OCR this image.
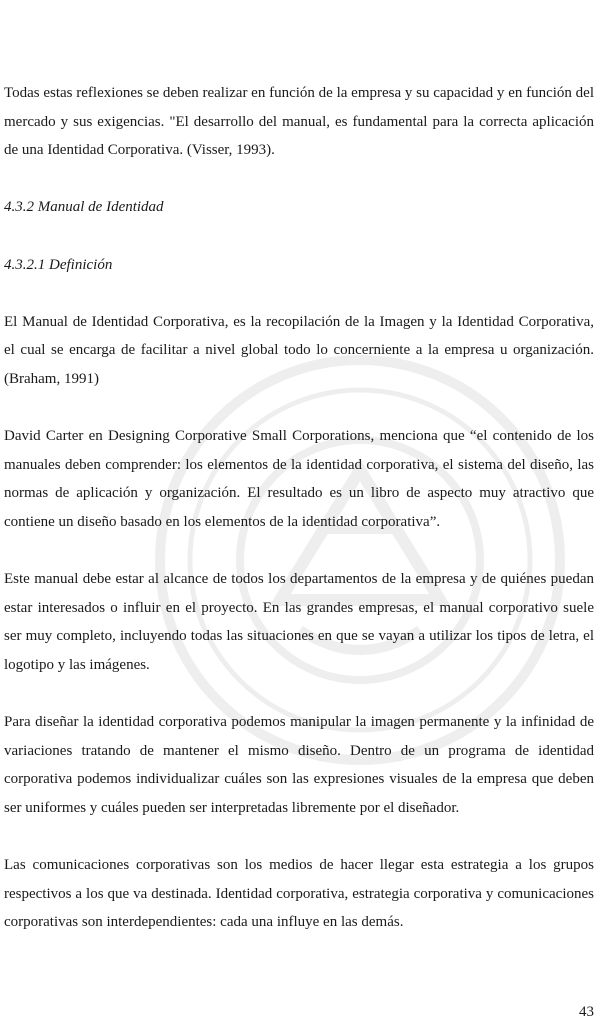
Todas estas reflexiones se deben realizar en función de la empresa y su capacidad y en función del mercado y sus exigencias. "El desarrollo del manual, es fundamental para la correcta aplicación de una Identidad Corporativa. (Visser, 1993).

4.3.2 Manual de Identidad

4.3.2.1 Definición

El Manual de Identidad Corporativa, es la recopilación de la Imagen y la Identidad Corporativa, el cual se encarga de facilitar a nivel global todo lo concerniente a la empresa u organización. (Braham, 1991)

David Carter en Designing Corporative Small Corporations, menciona que “el contenido de los manuales deben comprender: los elementos de la identidad corporativa, el sistema del diseño, las normas de aplicación y organización. El resultado es un libro de aspecto muy atractivo que contiene un diseño basado en los elementos de la identidad corporativa”.

Este manual debe estar al alcance de todos los departamentos de la empresa y de quiénes puedan estar interesados o influir en el proyecto. En las grandes empresas, el manual corporativo suele ser muy completo, incluyendo todas las situaciones en que se vayan a utilizar los tipos de letra, el logotipo y las imágenes.

Para diseñar la identidad corporativa podemos manipular la imagen permanente y la infinidad de variaciones tratando de mantener el mismo diseño. Dentro de un programa de identidad corporativa podemos individualizar cuáles son las expresiones visuales de la empresa que deben ser uniformes y cuáles pueden ser interpretadas libremente por el diseñador.

Las comunicaciones corporativas son los medios de hacer llegar esta estrategia a los grupos respectivos a los que va destinada. Identidad corporativa, estrategia corporativa y comunicaciones corporativas son interdependientes: cada una influye en las demás.

43
